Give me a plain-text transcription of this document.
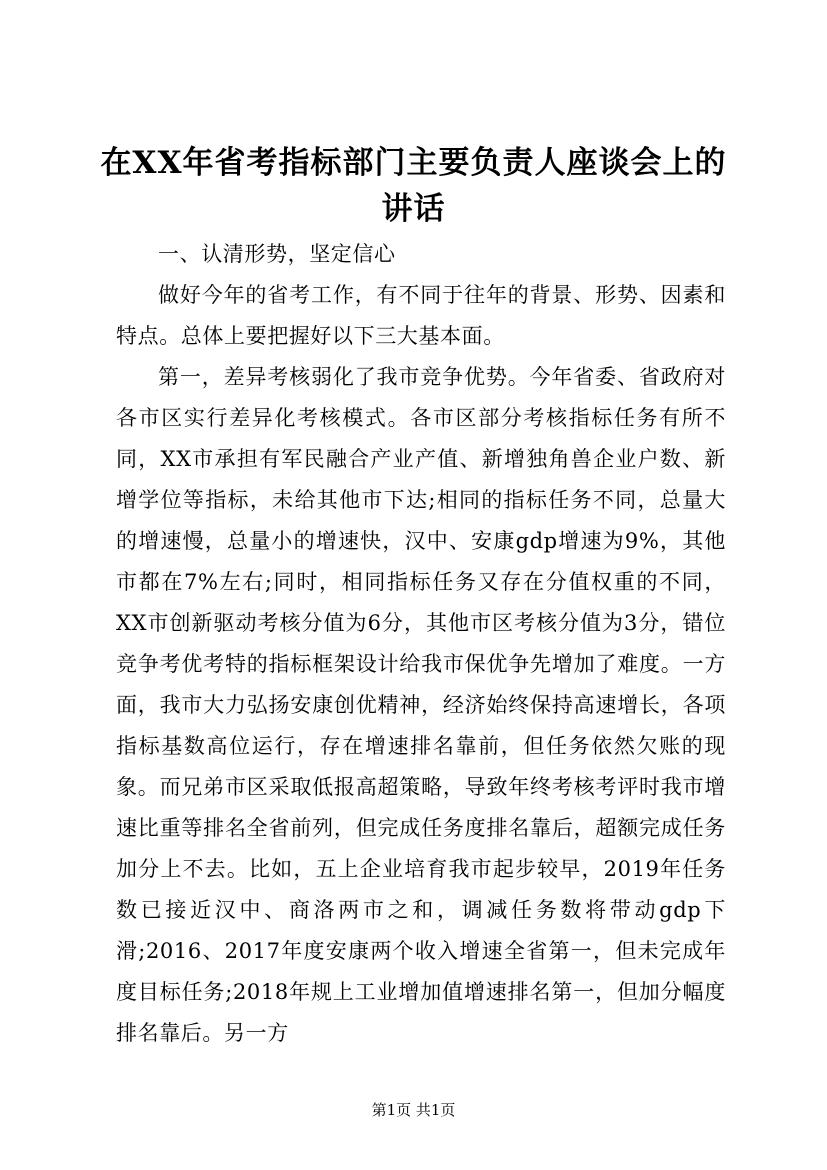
在XX年省考指标部门主要负责人座谈会上的讲话

一、认清形势，坚定信心

做好今年的省考工作，有不同于往年的背景、形势、因素和特点。总体上要把握好以下三大基本面。

第一，差异考核弱化了我市竞争优势。今年省委、省政府对各市区实行差异化考核模式。各市区部分考核指标任务有所不同，XX市承担有军民融合产业产值、新增独角兽企业户数、新增学位等指标，未给其他市下达;相同的指标任务不同，总量大的增速慢，总量小的增速快，汉中、安康gdp增速为9%，其他市都在7%左右;同时，相同指标任务又存在分值权重的不同，XX市创新驱动考核分值为6分，其他市区考核分值为3分，错位竞争考优考特的指标框架设计给我市保优争先增加了难度。一方面，我市大力弘扬安康创优精神，经济始终保持高速增长，各项指标基数高位运行，存在增速排名靠前，但任务依然欠账的现象。而兄弟市区采取低报高超策略，导致年终考核考评时我市增速比重等排名全省前列，但完成任务度排名靠后，超额完成任务加分上不去。比如，五上企业培育我市起步较早，2019年任务数已接近汉中、商洛两市之和，调减任务数将带动gdp下滑;2016、2017年度安康两个收入增速全省第一，但未完成年度目标任务;2018年规上工业增加值增速排名第一，但加分幅度排名靠后。另一方

第1页 共1页
